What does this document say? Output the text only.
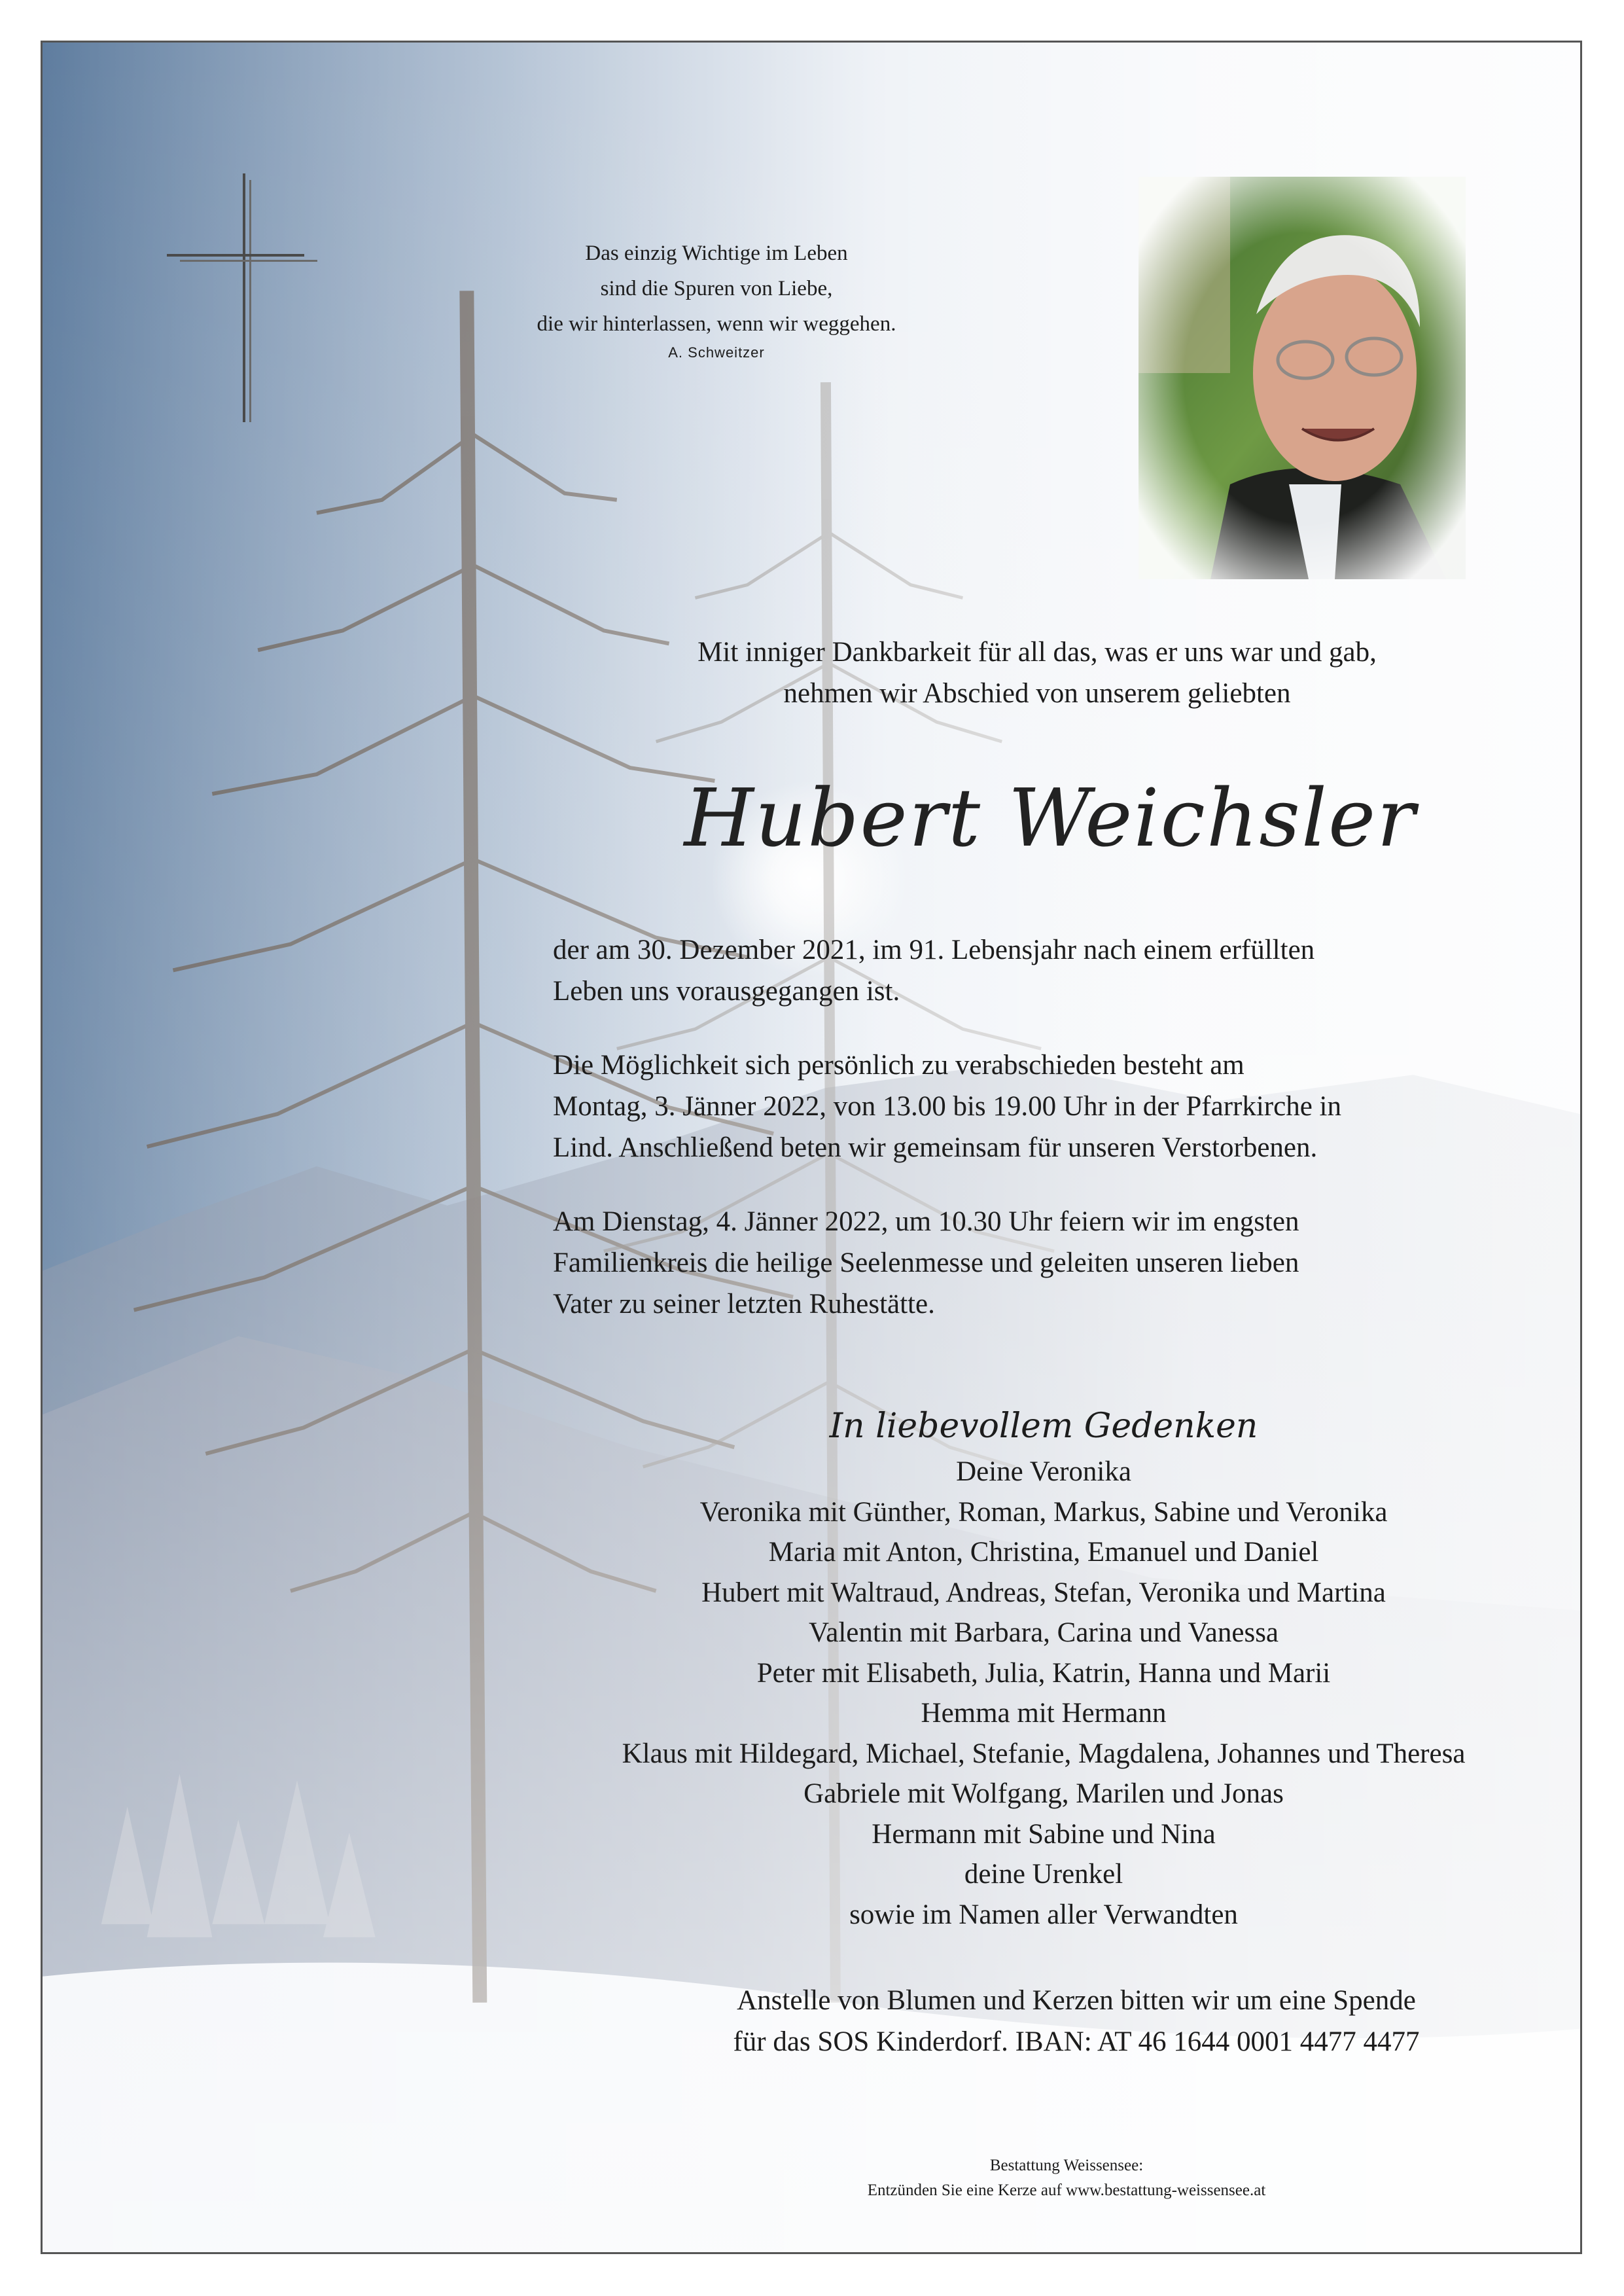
Das einzig Wichtige im Leben
sind die Spuren von Liebe,
die wir hinterlassen, wenn wir weggehen.
A. Schweitzer
Mit inniger Dankbarkeit für all das, was er uns war und gab,
nehmen wir Abschied von unserem geliebten
Hubert Weichsler

der am 30. Dezember 2021, im 91. Lebensjahr nach einem erfüllten
Leben uns vorausgegangen ist.

Die Möglichkeit sich persönlich zu verabschieden besteht am
Montag, 3. Jänner 2022, von 13.00 bis 19.00 Uhr in der Pfarrkirche in
Lind. Anschließend beten wir gemeinsam für unseren Verstorbenen.

Am Dienstag, 4. Jänner 2022, um 10.30 Uhr feiern wir im engsten
Familienkreis die heilige Seelenmesse und geleiten unseren lieben
Vater zu seiner letzten Ruhestätte.

In liebevollem Gedenken
Deine Veronika
Veronika mit Günther, Roman, Markus, Sabine und Veronika
Maria mit Anton, Christina, Emanuel und Daniel
Hubert mit Waltraud, Andreas, Stefan, Veronika und Martina
Valentin mit Barbara, Carina und Vanessa
Peter mit Elisabeth, Julia, Katrin, Hanna und Marii
Hemma mit Hermann
Klaus mit Hildegard, Michael, Stefanie, Magdalena, Johannes und Theresa
Gabriele mit Wolfgang, Marilen und Jonas
Hermann mit Sabine und Nina
deine Urenkel
sowie im Namen aller Verwandten
Anstelle von Blumen und Kerzen bitten wir um eine Spende
für das SOS Kinderdorf. IBAN: AT 46 1644 0001 4477 4477
Bestattung Weissensee:
Entzünden Sie eine Kerze auf www.bestattung-weissensee.at
